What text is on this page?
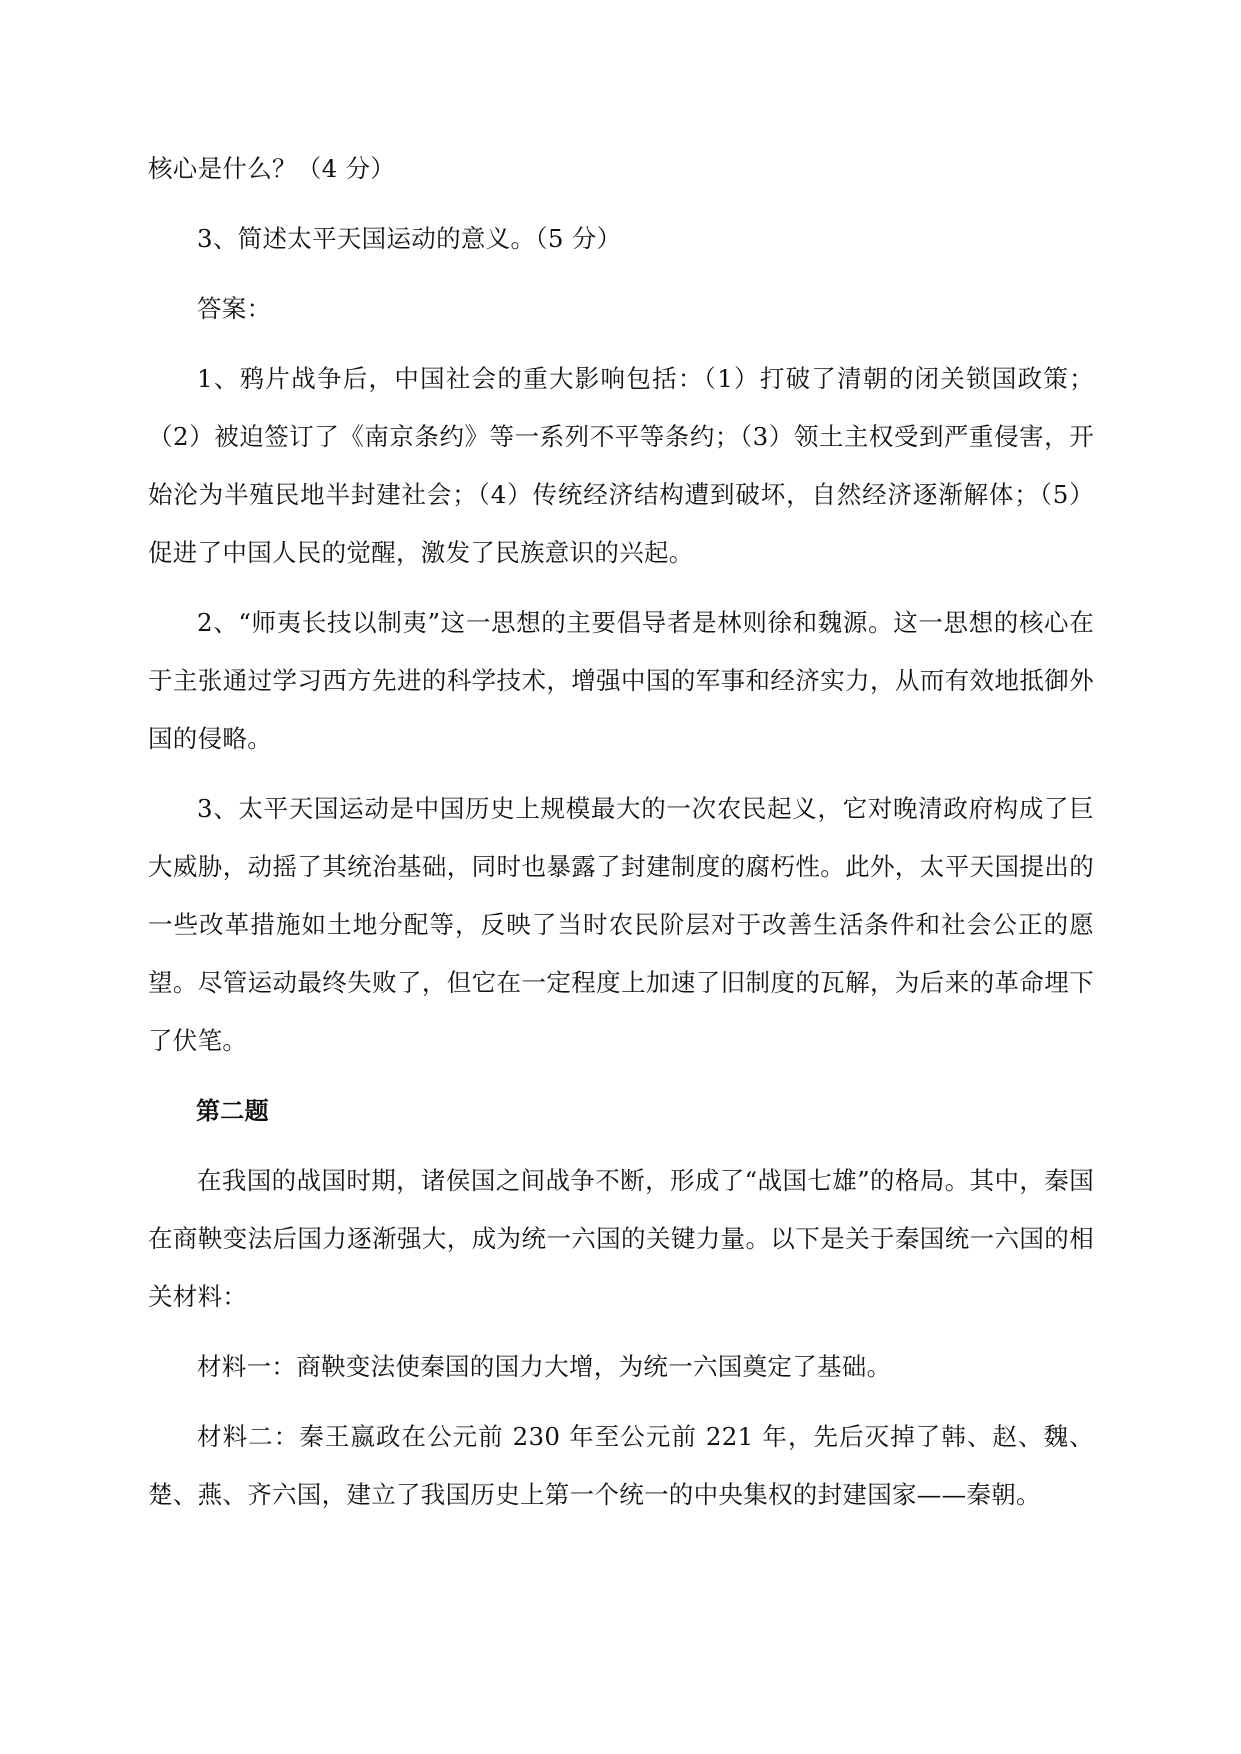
核心是什么？（4 分）

3、简述太平天国运动的意义。（5 分）

答案：

1、鸦片战争后，中国社会的重大影响包括：（1）打破了清朝的闭关锁国政策；（2）被迫签订了《南京条约》等一系列不平等条约；（3）领土主权受到严重侵害，开始沦为半殖民地半封建社会；（4）传统经济结构遭到破坏，自然经济逐渐解体；（5）促进了中国人民的觉醒，激发了民族意识的兴起。

2、“师夷长技以制夷”这一思想的主要倡导者是林则徐和魏源。这一思想的核心在于主张通过学习西方先进的科学技术，增强中国的军事和经济实力，从而有效地抵御外国的侵略。

3、太平天国运动是中国历史上规模最大的一次农民起义，它对晚清政府构成了巨大威胁，动摇了其统治基础，同时也暴露了封建制度的腐朽性。此外，太平天国提出的一些改革措施如土地分配等，反映了当时农民阶层对于改善生活条件和社会公正的愿望。尽管运动最终失败了，但它在一定程度上加速了旧制度的瓦解，为后来的革命埋下了伏笔。

第二题

在我国的战国时期，诸侯国之间战争不断，形成了“战国七雄”的格局。其中，秦国在商鞅变法后国力逐渐强大，成为统一六国的关键力量。以下是关于秦国统一六国的相关材料：

材料一：商鞅变法使秦国的国力大增，为统一六国奠定了基础。

材料二：秦王嬴政在公元前 230 年至公元前 221 年，先后灭掉了韩、赵、魏、楚、燕、齐六国，建立了我国历史上第一个统一的中央集权的封建国家——秦朝。
